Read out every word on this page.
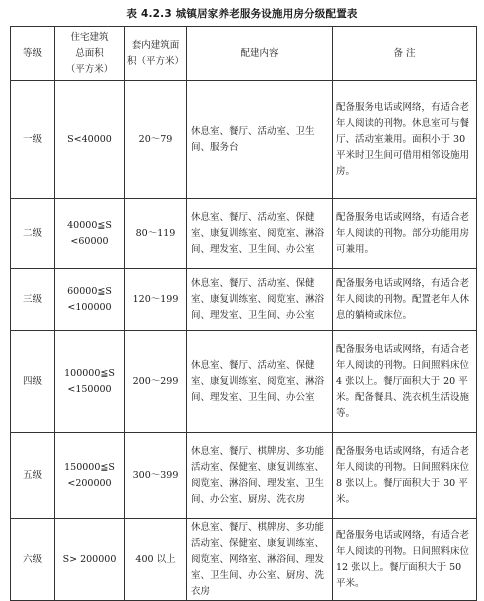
表 4.2.3 城镇居家养老服务设施用房分级配置表
等级	住宅建筑
总面积
（平方米）	套内建筑面
积（平方米）	配建内容	备 注
一级	S<40000	20～79	休息室、餐厅、活动室、卫生间、服务台	配备服务电话或网络，有适合老年人阅读的刊物。休息室可与餐厅、活动室兼用。面积小于 30 平米时卫生间可借用相邻设施用房。
二级	40000≦S
<60000	80～119	休息室、餐厅、活动室、保健室、康复训练室、阅览室、淋浴间、理发室、卫生间、办公室	配备服务电话或网络，有适合老年人阅读的刊物。部分功能用房可兼用。
三级	60000≦S
<100000	120～199	休息室、餐厅、活动室、保健室、康复训练室、阅览室、淋浴间、理发室、卫生间、办公室	配备服务电话或网络，有适合老年人阅读的刊物。配置老年人休息的躺椅或床位。
四级	100000≦S
<150000	200～299	休息室、餐厅、活动室、保健室、康复训练室、阅览室、淋浴间、理发室、卫生间、办公室	配备服务电话或网络，有适合老年人阅读的刊物。日间照料床位 4 张以上。餐厅面积大于 20 平米。配备餐具、洗衣机生活设施等。
五级	150000≦S
<200000	300～399	休息室、餐厅、棋牌房、多功能活动室、保健室、康复训练室、阅览室、淋浴间、理发室、卫生间、办公室、厨房、洗衣房	配备服务电话或网络，有适合老年人阅读的刊物。日间照料床位 8 张以上。餐厅面积大于 30 平米。
六级	S> 200000	400 以上	休息室、餐厅、棋牌房、多功能活动室、保健室、康复训练室、阅览室、网络室、淋浴间、理发室、卫生间、办公室、厨房、洗衣房	配备服务电话或网络，有适合老年人阅读的刊物。日间照料床位 12 张以上。餐厅面积大于 50 平米。
